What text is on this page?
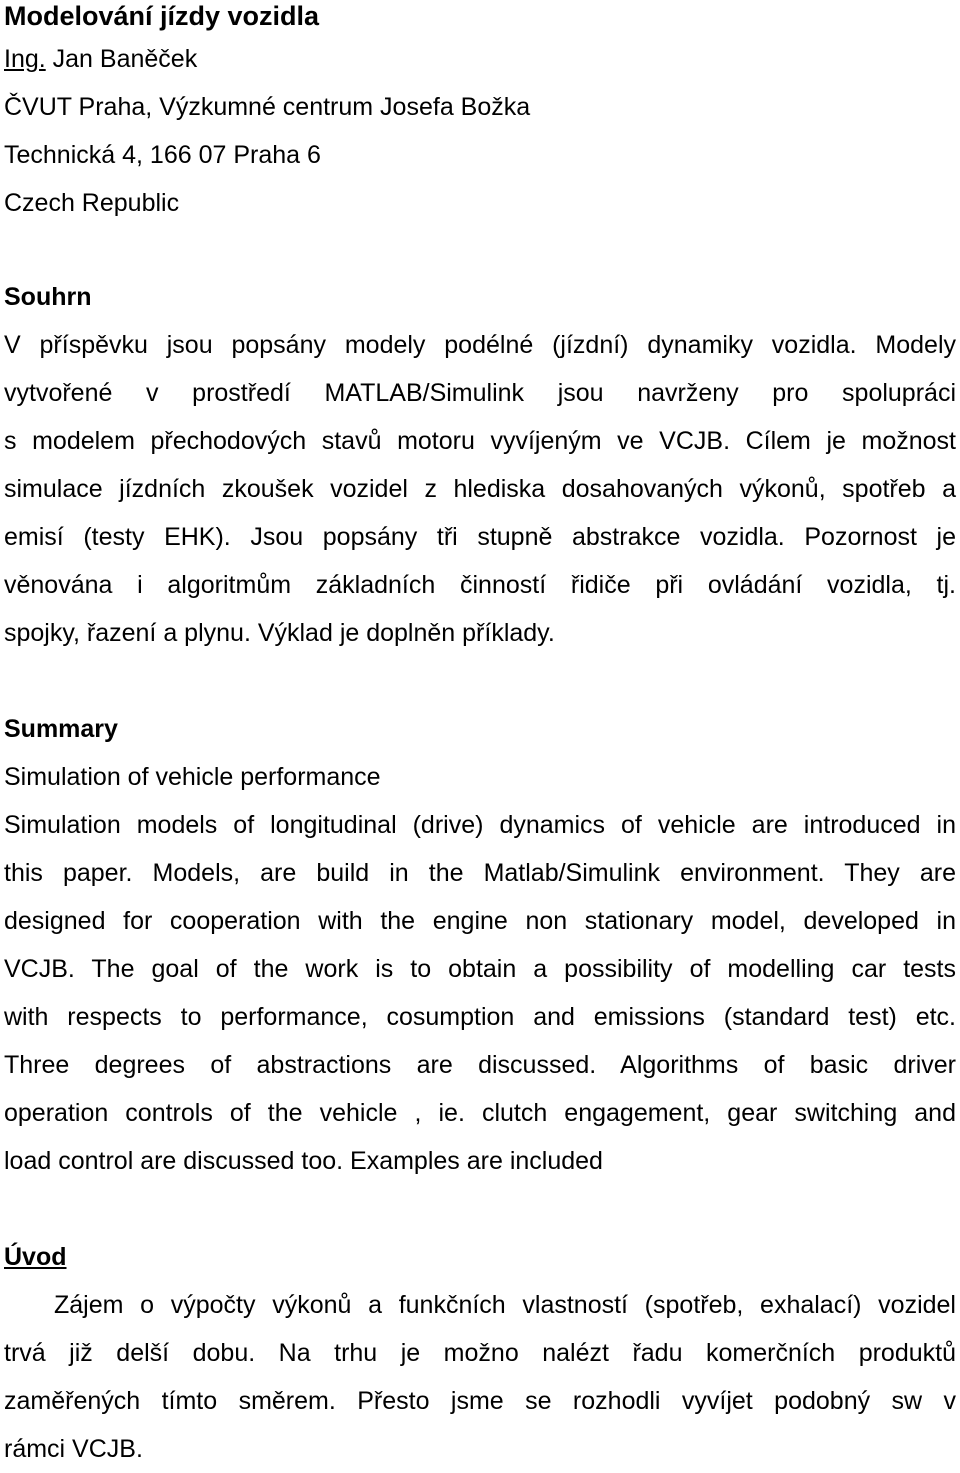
Modelování jízdy vozidla

Ing. Jan Baněček

ČVUT Praha, Výzkumné centrum Josefa Božka

Technická 4, 166 07 Praha 6

Czech Republic

Souhrn

V příspěvku jsou popsány modely podélné (jízdní) dynamiky vozidla. Modely

vytvořené v prostředí MATLAB/Simulink jsou navrženy pro spolupráci

s modelem přechodových stavů motoru vyvíjeným ve VCJB. Cílem je možnost

simulace jízdních zkoušek vozidel z hlediska dosahovaných výkonů, spotřeb a

emisí (testy EHK). Jsou popsány tři stupně abstrakce vozidla. Pozornost je

věnována i algoritmům základních činností řidiče při ovládání vozidla, tj.

spojky, řazení a plynu. Výklad je doplněn příklady.

Summary

Simulation of vehicle performance

Simulation models of longitudinal (drive) dynamics of vehicle are introduced in

this paper. Models, are build in the Matlab/Simulink environment. They are

designed for cooperation with the engine non stationary model, developed in

VCJB. The goal of the work is to obtain a possibility of modelling car tests

with respects to performance, cosumption and emissions (standard test) etc.

Three degrees of abstractions are discussed. Algorithms of basic driver

operation controls of the vehicle , ie. clutch engagement, gear switching and

load control are discussed too. Examples are included

Úvod

Zájem o výpočty výkonů a funkčních vlastností (spotřeb, exhalací) vozidel

trvá již delší dobu. Na trhu je možno nalézt řadu komerčních produktů

zaměřených tímto směrem. Přesto jsme se rozhodli vyvíjet podobný sw v

rámci VCJB.
